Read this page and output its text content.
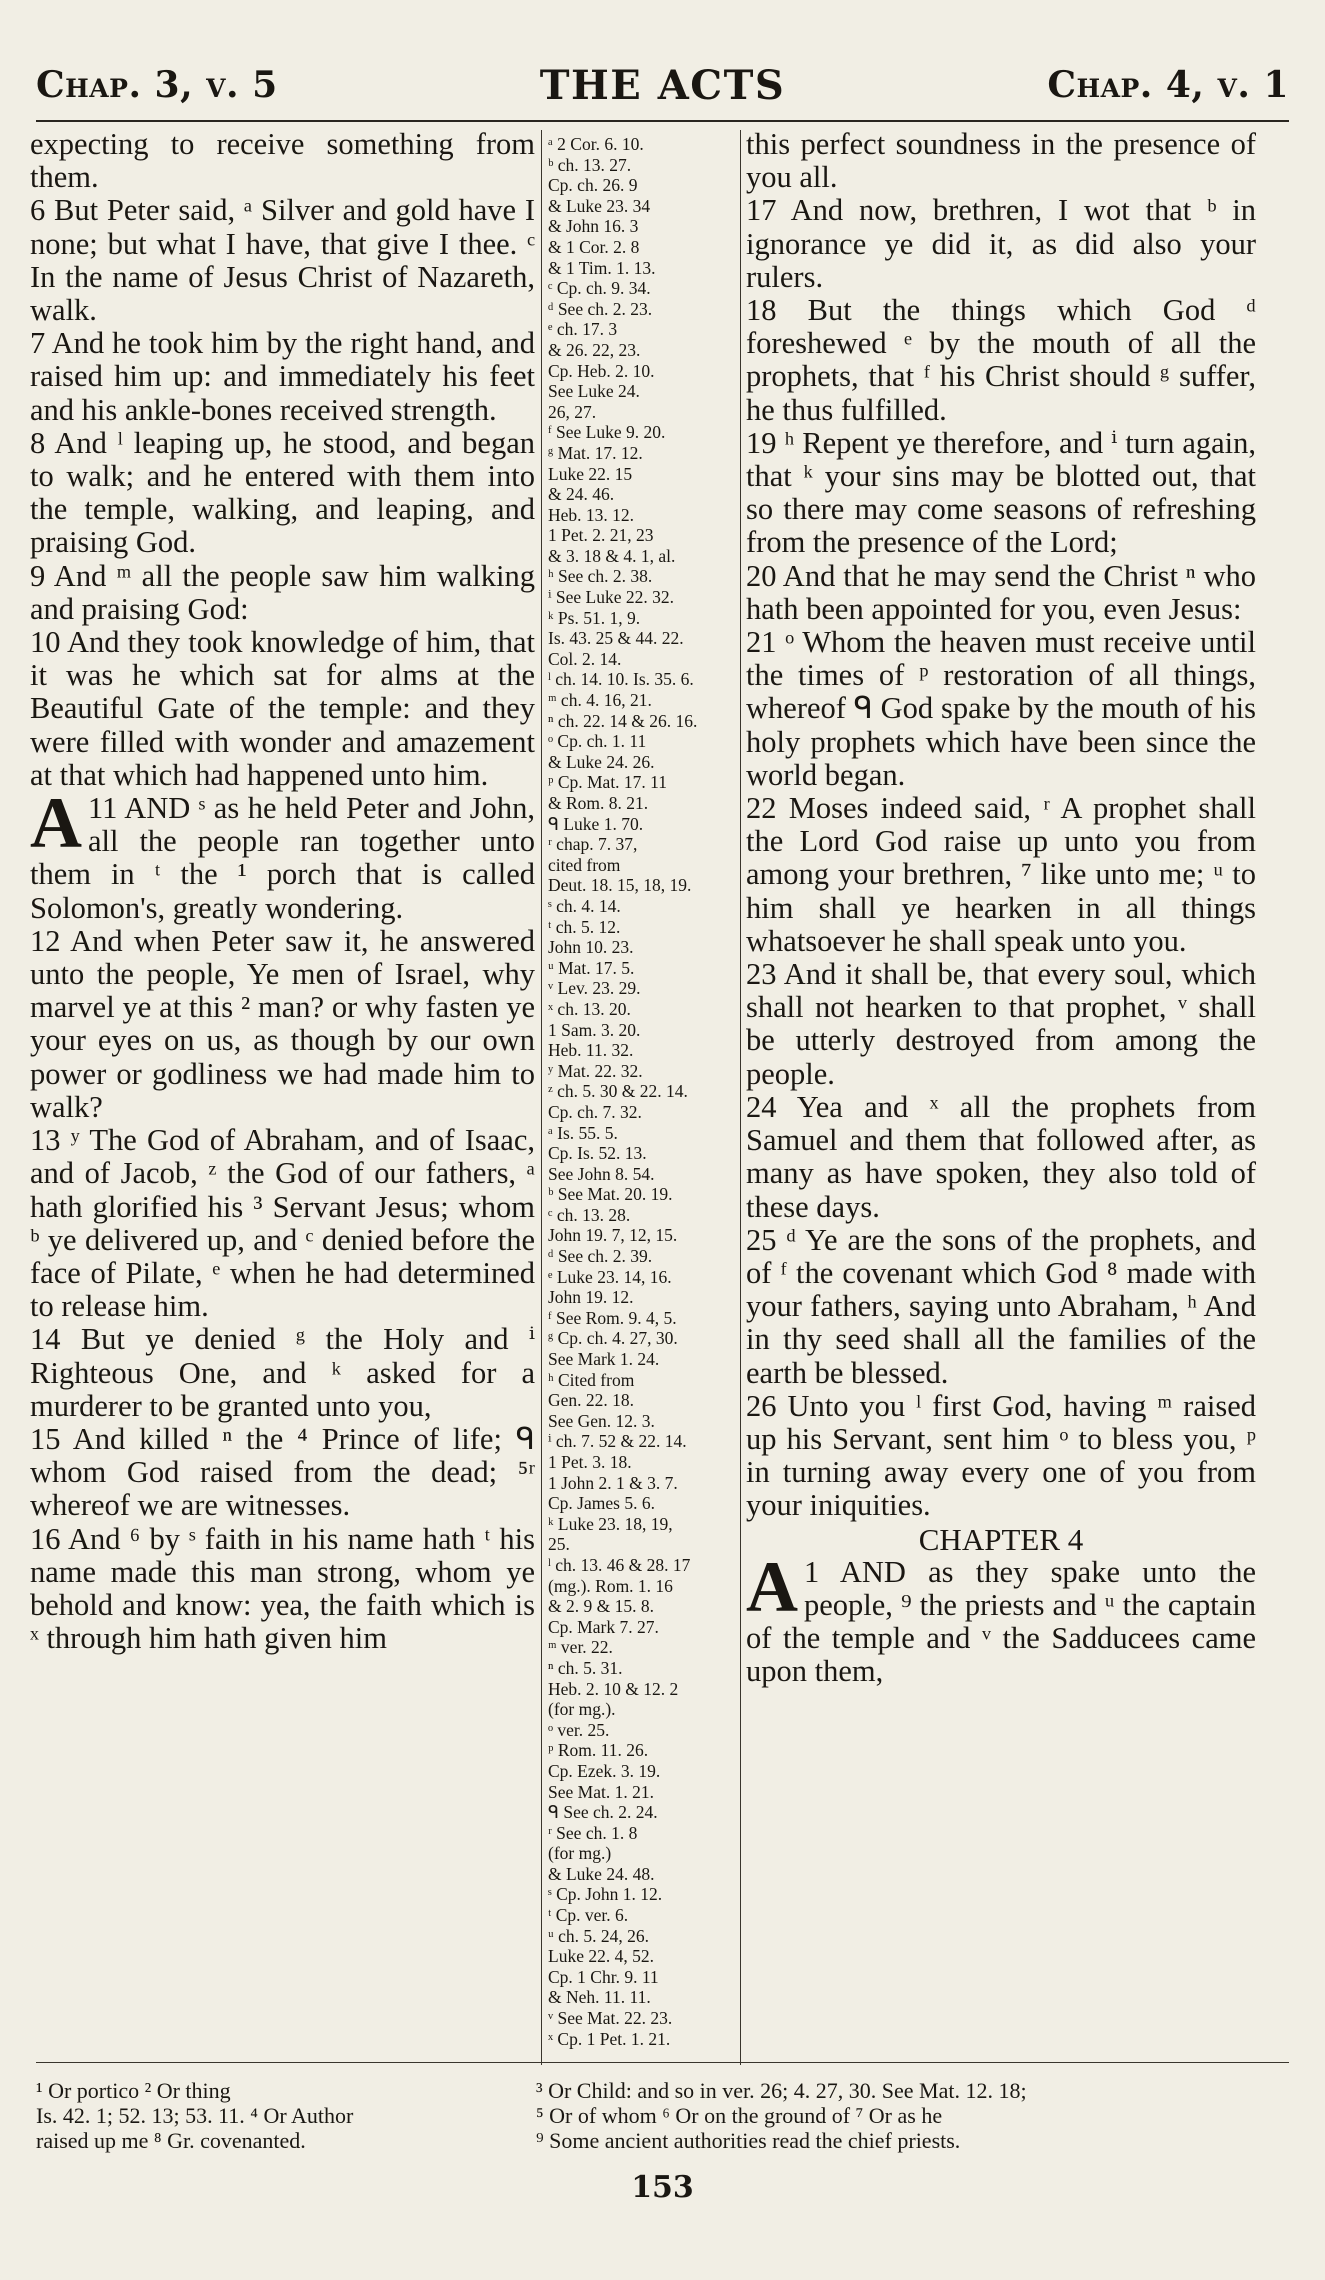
Chap. 3, v. 5	THE ACTS	Chap. 4, v. 1

expecting to receive something from them.

6 But Peter said, ᵃ Silver and gold have I none; but what I have, that give I thee. ᶜ In the name of Jesus Christ of Nazareth, walk.

7 And he took him by the right hand, and raised him up: and immediately his feet and his ankle-bones received strength.

8 And ˡ leaping up, he stood, and began to walk; and he entered with them into the temple, walking, and leaping, and praising God.

9 And ᵐ all the people saw him walking and praising God:

10 And they took knowledge of him, that it was he which sat for alms at the Beautiful Gate of the temple: and they were filled with wonder and amazement at that which had happened unto him.

A 11 AND ˢ as he held Peter and John, all the people ran together unto them in ᵗ the ¹ porch that is called Solomon's, greatly wondering.

12 And when Peter saw it, he answered unto the people, Ye men of Israel, why marvel ye at this ² man? or why fasten ye your eyes on us, as though by our own power or godliness we had made him to walk?

13 ʸ The God of Abraham, and of Isaac, and of Jacob, ᶻ the God of our fathers, ᵃ hath glorified his ³ Servant Jesus; whom ᵇ ye delivered up, and ᶜ denied before the face of Pilate, ᵉ when he had determined to release him.

14 But ye denied ᵍ the Holy and ⁱ Righteous One, and ᵏ asked for a murderer to be granted unto you,

15 And killed ⁿ the ⁴ Prince of life; ᑫ whom God raised from the dead; ⁵ʳ whereof we are witnesses.

16 And ⁶ by ˢ faith in his name hath ᵗ his name made this man strong, whom ye behold and know: yea, the faith which is ˣ through him hath given him

ᵃ 2 Cor. 6. 10.
ᵇ ch. 13. 27.
Cp. ch. 26. 9
& Luke 23. 34
& John 16. 3
& 1 Cor. 2. 8
& 1 Tim. 1. 13.
ᶜ Cp. ch. 9. 34.
ᵈ See ch. 2. 23.
ᵉ ch. 17. 3
& 26. 22, 23.
Cp. Heb. 2. 10.
See Luke 24.
26, 27.
ᶠ See Luke 9. 20.
ᵍ Mat. 17. 12.
Luke 22. 15
& 24. 46.
Heb. 13. 12.
1 Pet. 2. 21, 23
& 3. 18 & 4. 1, al.
ʰ See ch. 2. 38.
ⁱ See Luke 22. 32.
ᵏ Ps. 51. 1, 9.
Is. 43. 25 & 44. 22.
Col. 2. 14.
ˡ ch. 14. 10. Is. 35. 6.
ᵐ ch. 4. 16, 21.
ⁿ ch. 22. 14 & 26. 16.
ᵒ Cp. ch. 1. 11
& Luke 24. 26.
ᵖ Cp. Mat. 17. 11
& Rom. 8. 21.
ᑫ Luke 1. 70.
ʳ chap. 7. 37,
cited from
Deut. 18. 15, 18, 19.
ˢ ch. 4. 14.
ᵗ ch. 5. 12.
John 10. 23.
ᵘ Mat. 17. 5.
ᵛ Lev. 23. 29.
ˣ ch. 13. 20.
1 Sam. 3. 20.
Heb. 11. 32.
ʸ Mat. 22. 32.
ᶻ ch. 5. 30 & 22. 14.
Cp. ch. 7. 32.
ᵃ Is. 55. 5.
Cp. Is. 52. 13.
See John 8. 54.
ᵇ See Mat. 20. 19.
ᶜ ch. 13. 28.
John 19. 7, 12, 15.
ᵈ See ch. 2. 39.
ᵉ Luke 23. 14, 16.
John 19. 12.
ᶠ See Rom. 9. 4, 5.
ᵍ Cp. ch. 4. 27, 30.
See Mark 1. 24.
ʰ Cited from
Gen. 22. 18.
See Gen. 12. 3.
ⁱ ch. 7. 52 & 22. 14.
1 Pet. 3. 18.
1 John 2. 1 & 3. 7.
Cp. James 5. 6.
ᵏ Luke 23. 18, 19,
25.
ˡ ch. 13. 46 & 28. 17
(mg.). Rom. 1. 16
& 2. 9 & 15. 8.
Cp. Mark 7. 27.
ᵐ ver. 22.
ⁿ ch. 5. 31.
Heb. 2. 10 & 12. 2
(for mg.).
ᵒ ver. 25.
ᵖ Rom. 11. 26.
Cp. Ezek. 3. 19.
See Mat. 1. 21.
ᑫ See ch. 2. 24.
ʳ See ch. 1. 8
(for mg.)
& Luke 24. 48.
ˢ Cp. John 1. 12.
ᵗ Cp. ver. 6.
ᵘ ch. 5. 24, 26.
Luke 22. 4, 52.
Cp. 1 Chr. 9. 11
& Neh. 11. 11.
ᵛ See Mat. 22. 23.
ˣ Cp. 1 Pet. 1. 21.

this perfect soundness in the presence of you all.

17 And now, brethren, I wot that ᵇ in ignorance ye did it, as did also your rulers.

18 But the things which God ᵈ foreshewed ᵉ by the mouth of all the prophets, that ᶠ his Christ should ᵍ suffer, he thus fulfilled.

19 ʰ Repent ye therefore, and ⁱ turn again, that ᵏ your sins may be blotted out, that so there may come seasons of refreshing from the presence of the Lord;

20 And that he may send the Christ ⁿ who hath been appointed for you, even Jesus:

21 ᵒ Whom the heaven must receive until the times of ᵖ restoration of all things, whereof ᑫ God spake by the mouth of his holy prophets which have been since the world began.

22 Moses indeed said, ʳ A prophet shall the Lord God raise up unto you from among your brethren, ⁷ like unto me; ᵘ to him shall ye hearken in all things whatsoever he shall speak unto you.

23 And it shall be, that every soul, which shall not hearken to that prophet, ᵛ shall be utterly destroyed from among the people.

24 Yea and ˣ all the prophets from Samuel and them that followed after, as many as have spoken, they also told of these days.

25 ᵈ Ye are the sons of the prophets, and of ᶠ the covenant which God ⁸ made with your fathers, saying unto Abraham, ʰ And in thy seed shall all the families of the earth be blessed.

26 Unto you ˡ first God, having ᵐ raised up his Servant, sent him ᵒ to bless you, ᵖ in turning away every one of you from your iniquities.

CHAPTER 4

A 1 AND as they spake unto the people, ⁹ the priests and ᵘ the captain of the temple and ᵛ the Sadducees came upon them,

¹ Or portico ² Or thing

Is. 42. 1; 52. 13; 53. 11. ⁴ Or Author

raised up me ⁸ Gr. covenanted.

³ Or Child: and so in ver. 26; 4. 27, 30. See Mat. 12. 18;

⁵ Or of whom ⁶ Or on the ground of ⁷ Or as he

⁹ Some ancient authorities read the chief priests.

153
